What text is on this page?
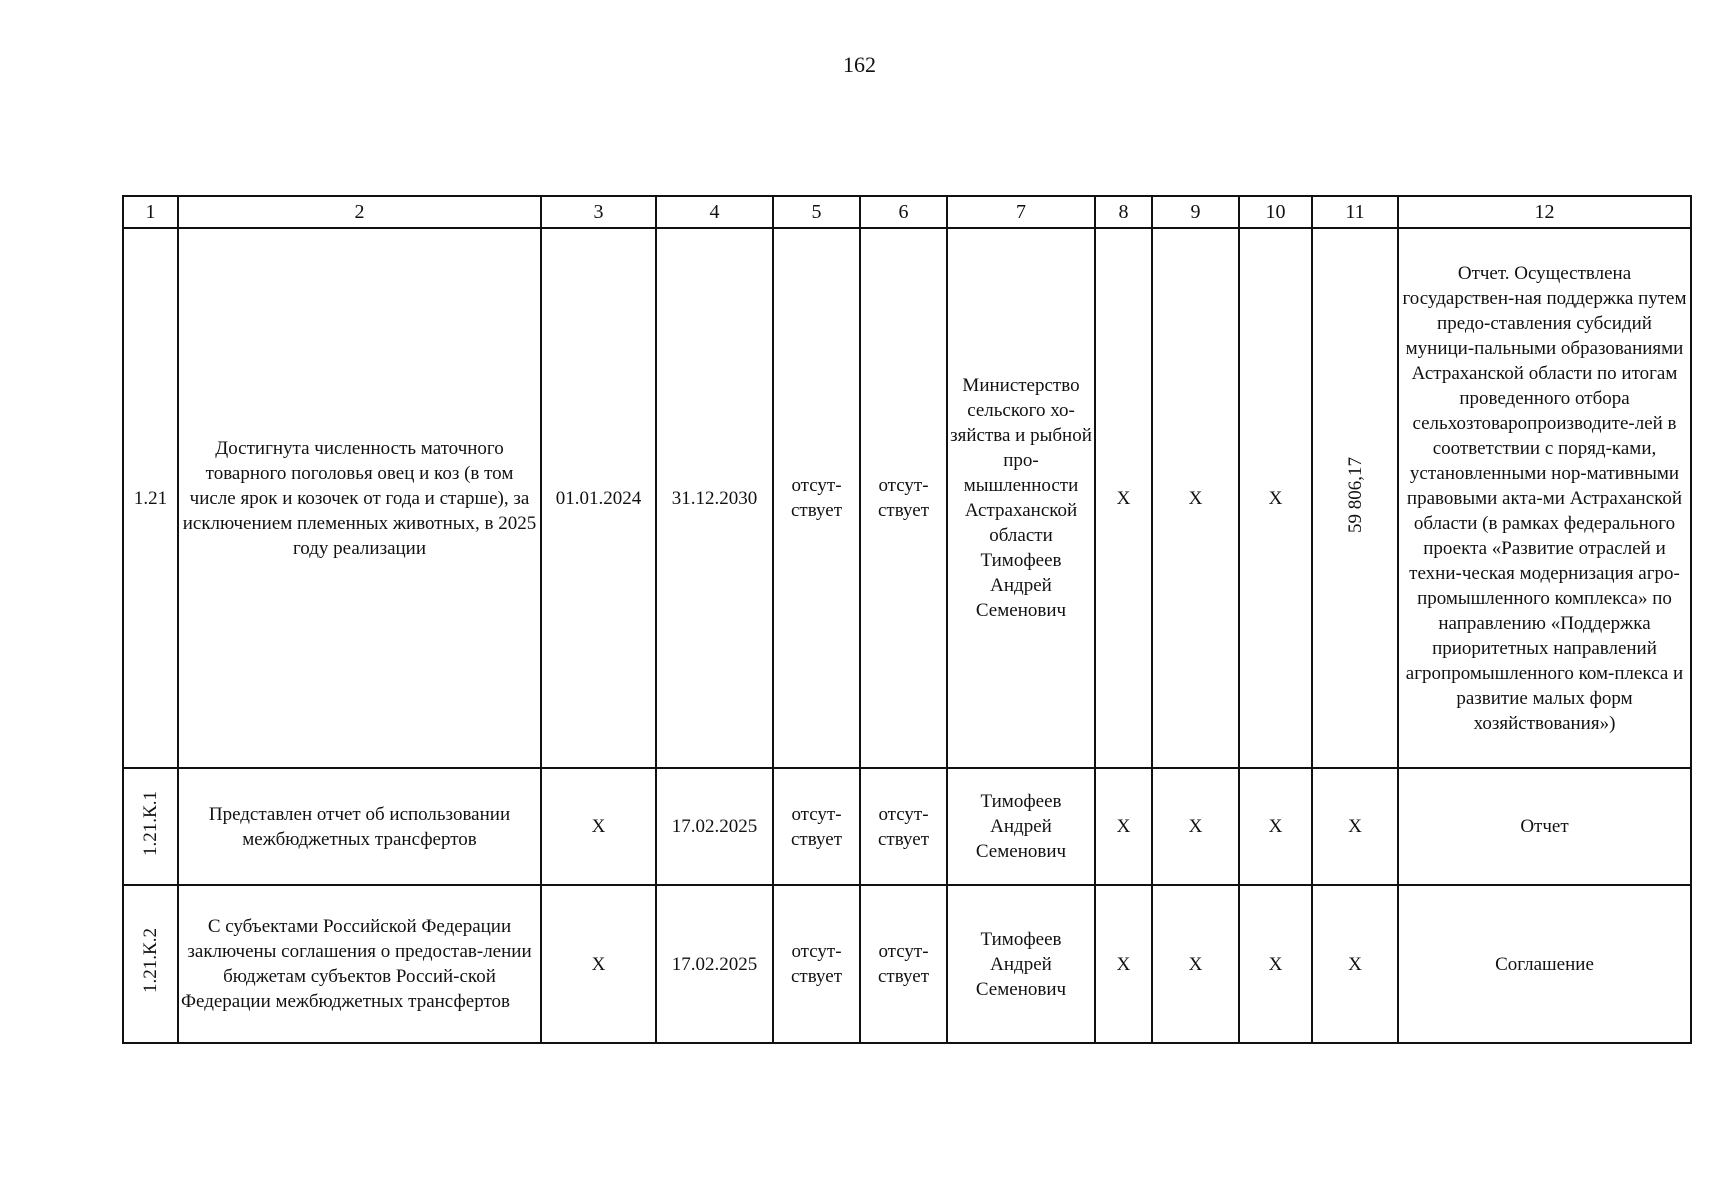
162
1	2	3	4	5	6	7	8	9	10	11	12
1.21	Достигнута численность маточного товарного поголовья овец и коз (в том числе ярок и козочек от года и старше), за исключением племенных животных, в 2025 году реализации	01.01.2024	31.12.2030	отсут-ствует	отсут-ствует	Министерство сельского хо-зяйства и рыбной про-мышленности Астраханской области Тимофеев Андрей Семенович	X	X	X	59 806,17	Отчет. Осуществлена государствен-ная поддержка путем предо-ставления субсидий муници-пальными образованиями Астраханской области по итогам проведенного отбора сельхозтоваропроизводите-лей в соответствии с поряд-ками, установленными нор-мативными правовыми акта-ми Астраханской области (в рамках федерального проекта «Развитие отраслей и техни-ческая модернизация агро-промышленного комплекса» по направлению «Поддержка приоритетных направлений агропромышленного ком-плекса и развитие малых форм хозяйствования»)
1.21.К.1	Представлен отчет об использовании межбюджетных трансфертов	X	17.02.2025	отсут-ствует	отсут-ствует	Тимофеев Андрей Семенович	X	X	X	X	Отчет
1.21.К.2	С субъектами Российской Федерации заключены соглашения о предостав-лении бюджетам субъектов Россий-ской Федерации межбюджетных трансфертов	X	17.02.2025	отсут-ствует	отсут-ствует	Тимофеев Андрей Семенович	X	X	X	X	Соглашение
